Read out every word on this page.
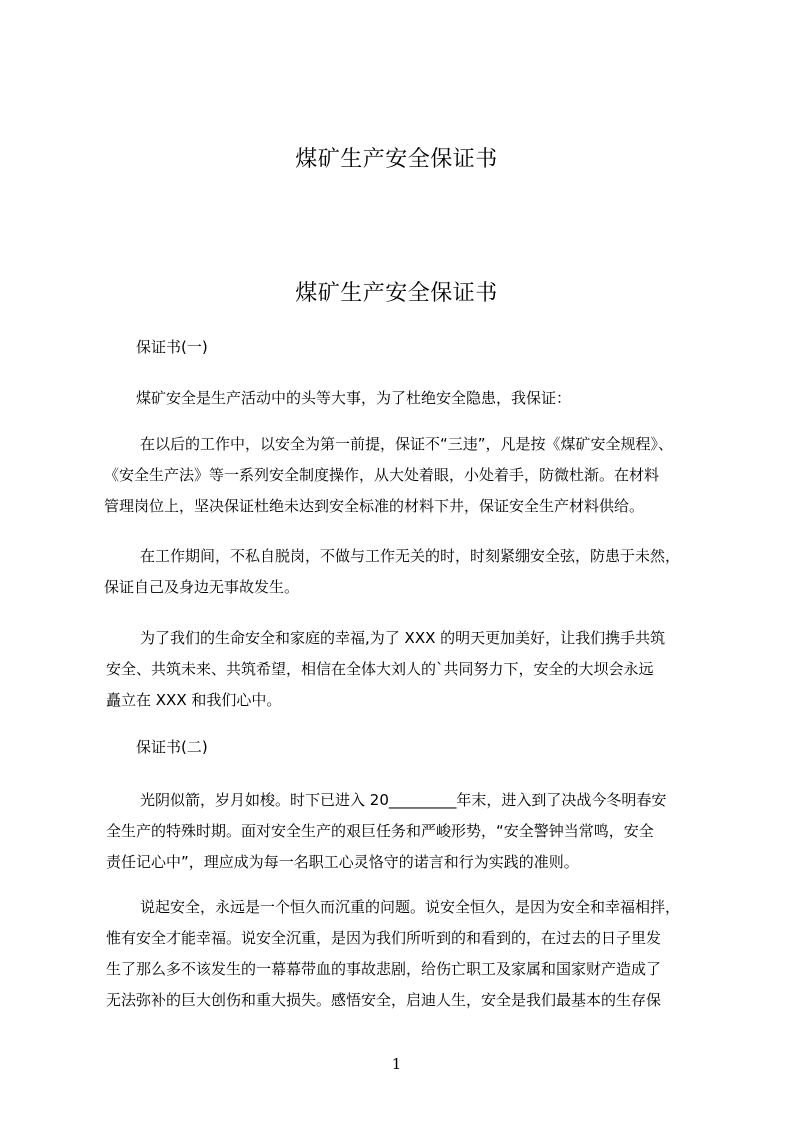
煤矿生产安全保证书
煤矿生产安全保证书
保证书(一)
煤矿安全是生产活动中的头等大事，为了杜绝安全隐患，我保证：
在以后的工作中，以安全为第一前提，保证不“三违”，凡是按《煤矿安全规程》、
《安全生产法》等一系列安全制度操作，从大处着眼，小处着手，防微杜渐。在材料
管理岗位上，坚决保证杜绝未达到安全标准的材料下井，保证安全生产材料供给。
在工作期间，不私自脱岗，不做与工作无关的时，时刻紧绷安全弦，防患于未然，
保证自己及身边无事故发生。
为了我们的生命安全和家庭的幸福,为了 XXX 的明天更加美好，让我们携手共筑
安全、共筑未来、共筑希望，相信在全体大刘人的`共同努力下，安全的大坝会永远
矗立在 XXX 和我们心中。
保证书(二)
光阴似箭，岁月如梭。时下已进入 20_________年末，进入到了决战今冬明春安
全生产的特殊时期。面对安全生产的艰巨任务和严峻形势，“安全警钟当常鸣，安全
责任记心中”，理应成为每一名职工心灵恪守的诺言和行为实践的准则。
说起安全，永远是一个恒久而沉重的问题。说安全恒久，是因为安全和幸福相拌，
惟有安全才能幸福。说安全沉重，是因为我们所听到的和看到的，在过去的日子里发
生了那么多不该发生的一幕幕带血的事故悲剧，给伤亡职工及家属和国家财产造成了
无法弥补的巨大创伤和重大损失。感悟安全，启迪人生，安全是我们最基本的生存保
1
